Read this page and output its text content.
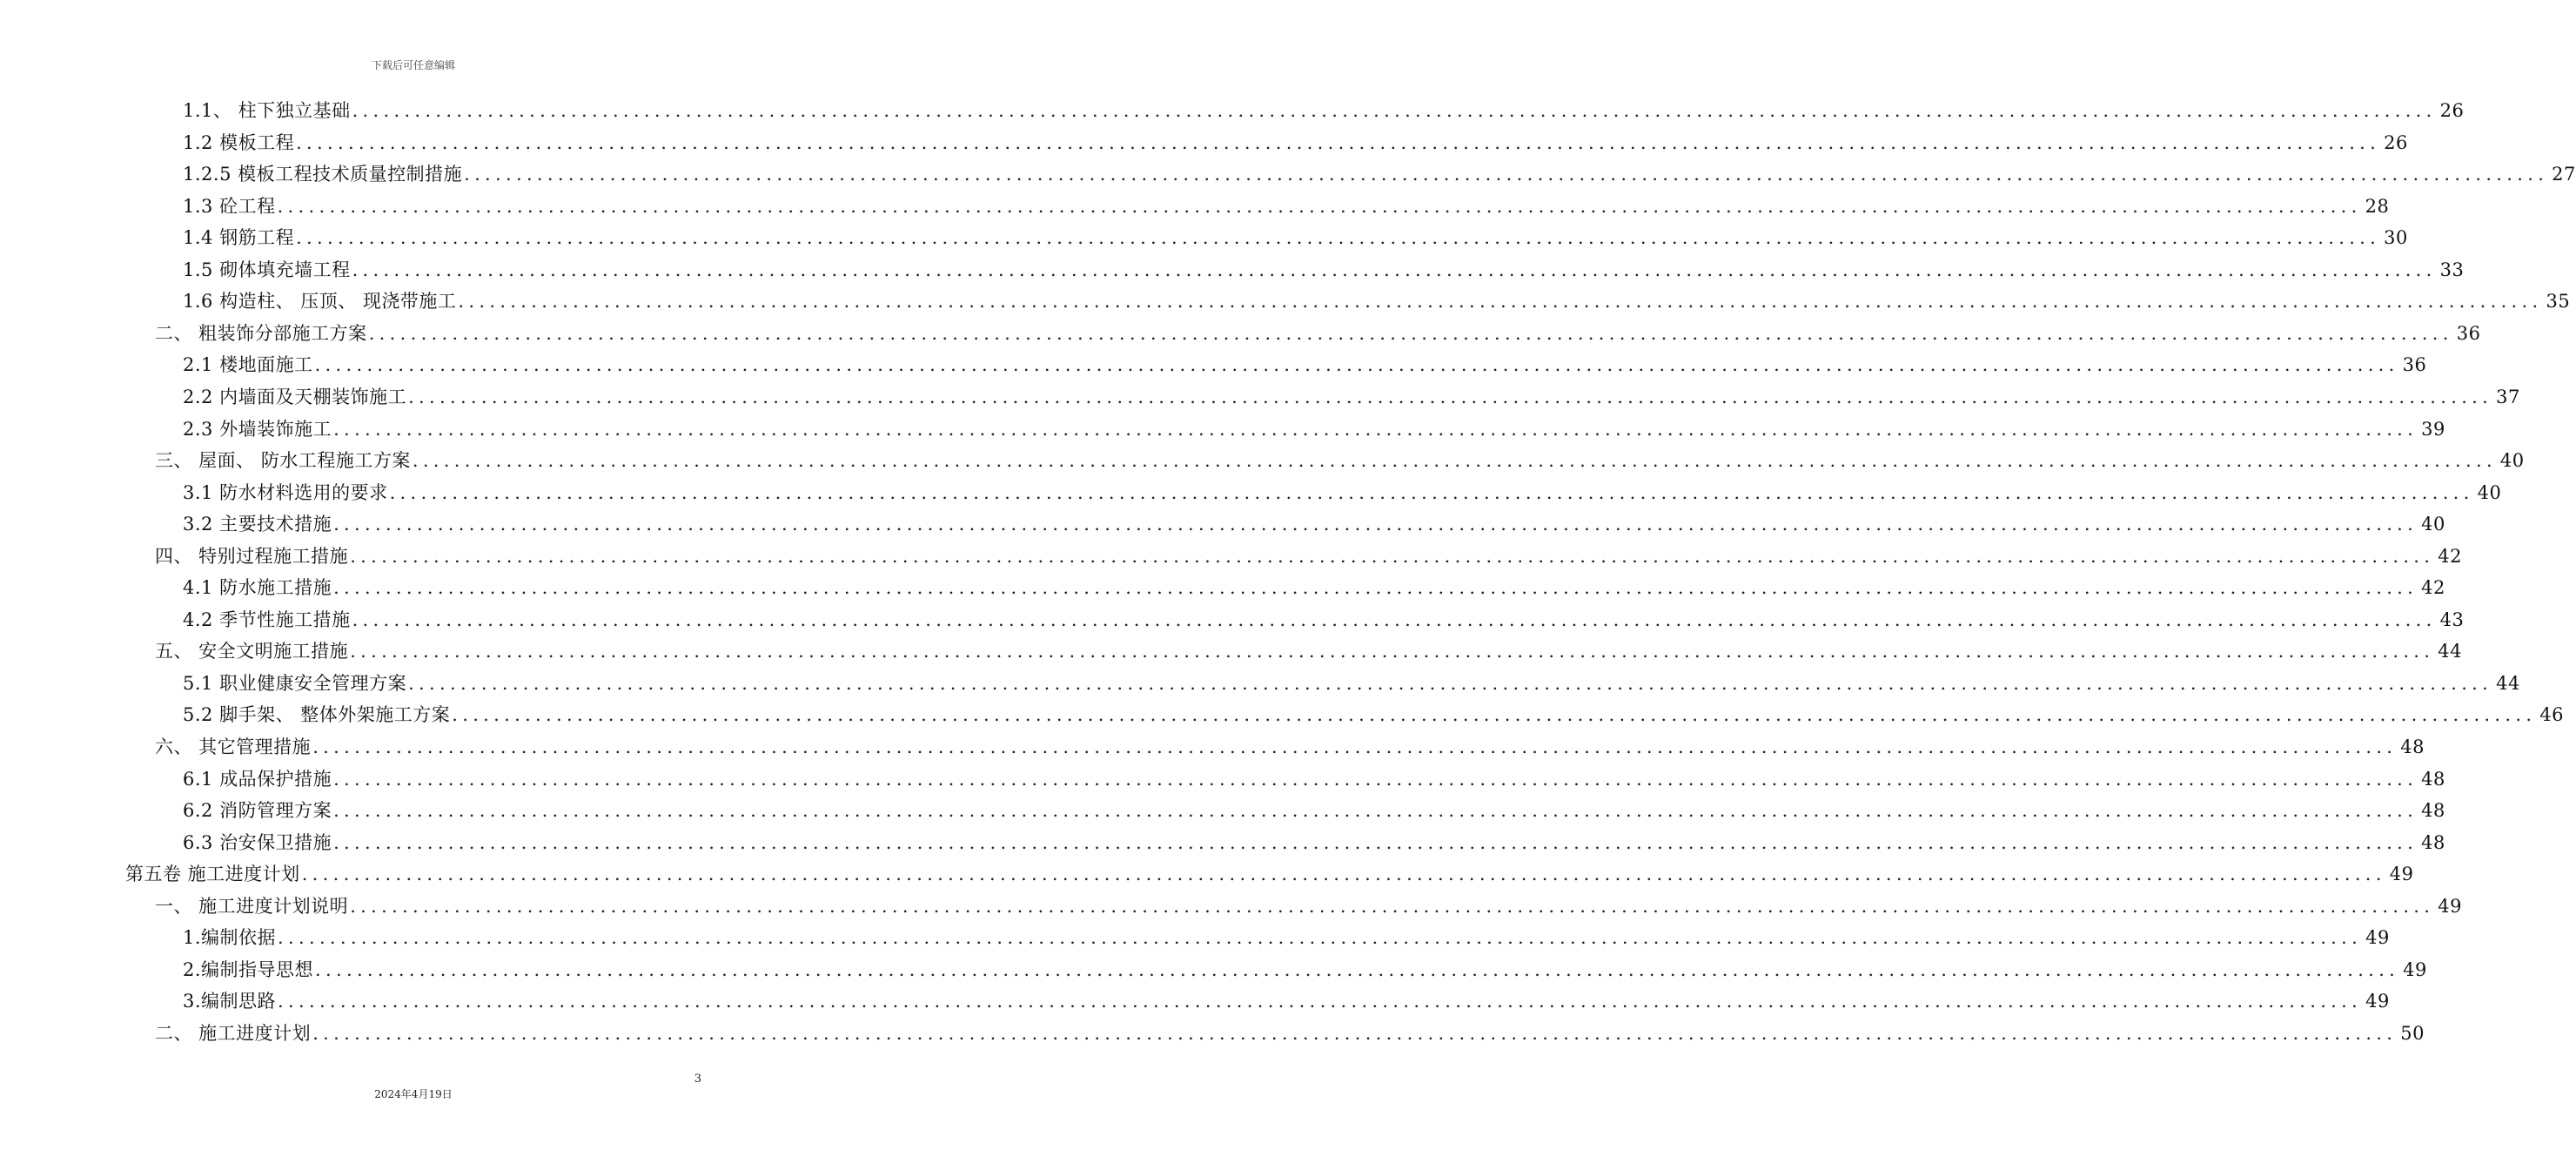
下载后可任意编辑
1.1、 柱下独立基础 ........................................................................................................................................................................................................ 26
1.2 模板工程 ........................................................................................................................................................................................................ 26
1.2.5 模板工程技术质量控制措施 ........................................................................................................................................................................................................ 27
1.3 砼工程 ........................................................................................................................................................................................................ 28
1.4 钢筋工程 ........................................................................................................................................................................................................ 30
1.5 砌体填充墙工程 ........................................................................................................................................................................................................ 33
1.6 构造柱、 压顶、 现浇带施工 ........................................................................................................................................................................................................ 35
二、 粗装饰分部施工方案 ........................................................................................................................................................................................................ 36
2.1 楼地面施工 ........................................................................................................................................................................................................ 36
2.2 内墙面及天棚装饰施工 ........................................................................................................................................................................................................ 37
2.3 外墙装饰施工 ........................................................................................................................................................................................................ 39
三、 屋面、 防水工程施工方案 ........................................................................................................................................................................................................ 40
3.1 防水材料选用的要求 ........................................................................................................................................................................................................ 40
3.2 主要技术措施 ........................................................................................................................................................................................................ 40
四、 特别过程施工措施 ........................................................................................................................................................................................................ 42
4.1 防水施工措施 ........................................................................................................................................................................................................ 42
4.2 季节性施工措施 ........................................................................................................................................................................................................ 43
五、 安全文明施工措施 ........................................................................................................................................................................................................ 44
5.1 职业健康安全管理方案 ........................................................................................................................................................................................................ 44
5.2 脚手架、 整体外架施工方案 ........................................................................................................................................................................................................ 46
六、 其它管理措施 ........................................................................................................................................................................................................ 48
6.1 成品保护措施 ........................................................................................................................................................................................................ 48
6.2 消防管理方案 ........................................................................................................................................................................................................ 48
6.3 治安保卫措施 ........................................................................................................................................................................................................ 48
第五卷 施工进度计划 ........................................................................................................................................................................................................ 49
一、 施工进度计划说明 ........................................................................................................................................................................................................ 49
1.编制依据 ........................................................................................................................................................................................................ 49
2.编制指导思想 ........................................................................................................................................................................................................ 49
3.编制思路 ........................................................................................................................................................................................................ 49
二、 施工进度计划 ........................................................................................................................................................................................................ 50
3
2024年4月19日
